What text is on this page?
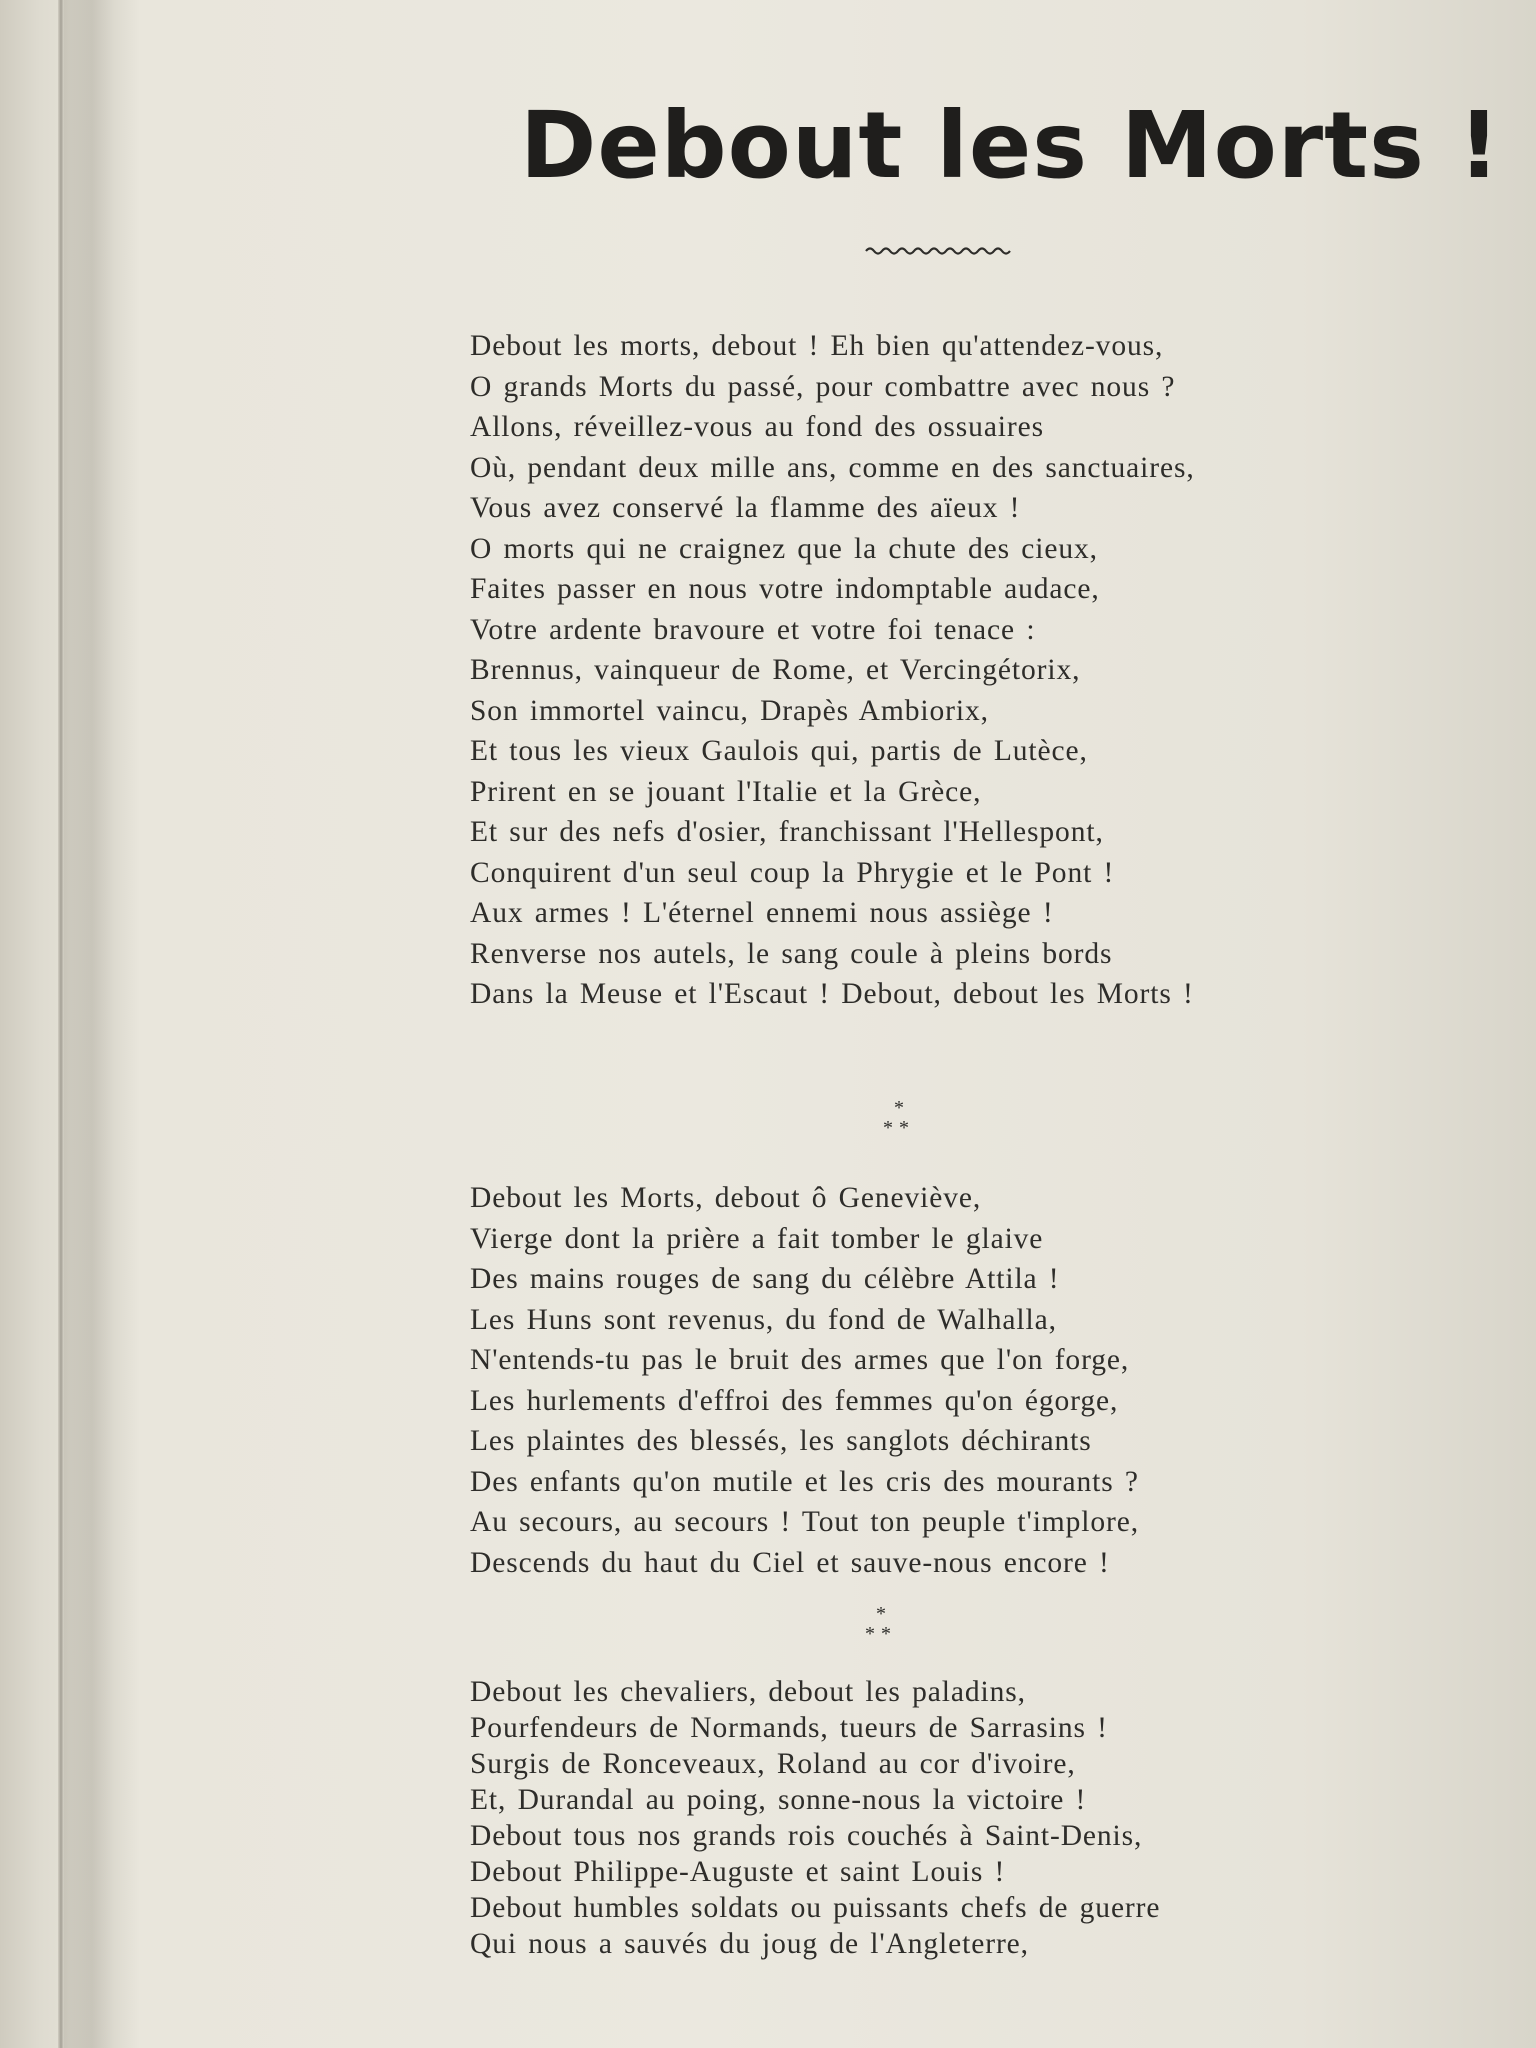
Debout les Morts !
Debout les morts, debout ! Eh bien qu'attendez-vous,
O grands Morts du passé, pour combattre avec nous ?
Allons, réveillez-vous au fond des ossuaires
Où, pendant deux mille ans, comme en des sanctuaires,
Vous avez conservé la flamme des aïeux !
O morts qui ne craignez que la chute des cieux,
Faites passer en nous votre indomptable audace,
Votre ardente bravoure et votre foi tenace :
Brennus, vainqueur de Rome, et Vercingétorix,
Son immortel vaincu, Drapès Ambiorix,
Et tous les vieux Gaulois qui, partis de Lutèce,
Prirent en se jouant l'Italie et la Grèce,
Et sur des nefs d'osier, franchissant l'Hellespont,
Conquirent d'un seul coup la Phrygie et le Pont !
Aux armes ! L'éternel ennemi nous assiège !
Renverse nos autels, le sang coule à pleins bords
Dans la Meuse et l'Escaut ! Debout, debout les Morts !
*
**
Debout les Morts, debout ô Geneviève,
Vierge dont la prière a fait tomber le glaive
Des mains rouges de sang du célèbre Attila !
Les Huns sont revenus, du fond de Walhalla,
N'entends-tu pas le bruit des armes que l'on forge,
Les hurlements d'effroi des femmes qu'on égorge,
Les plaintes des blessés, les sanglots déchirants
Des enfants qu'on mutile et les cris des mourants ?
Au secours, au secours ! Tout ton peuple t'implore,
Descends du haut du Ciel et sauve-nous encore !
*
**
Debout les chevaliers, debout les paladins,
Pourfendeurs de Normands, tueurs de Sarrasins !
Surgis de Ronceveaux, Roland au cor d'ivoire,
Et, Durandal au poing, sonne-nous la victoire !
Debout tous nos grands rois couchés à Saint-Denis,
Debout Philippe-Auguste et saint Louis !
Debout humbles soldats ou puissants chefs de guerre
Qui nous a sauvés du joug de l'Angleterre,
